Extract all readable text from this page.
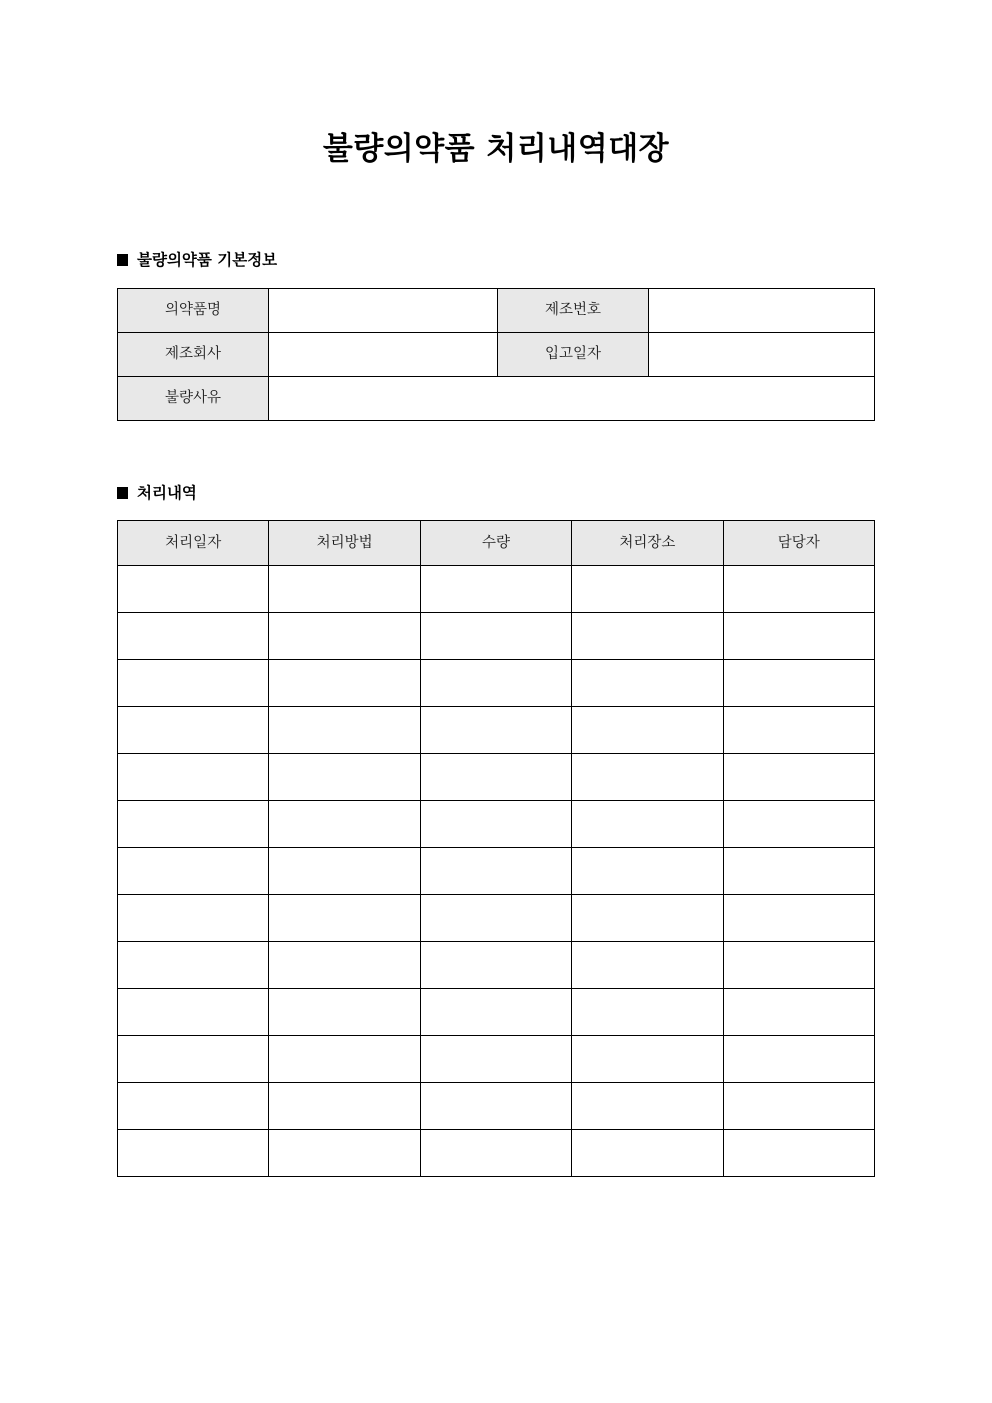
불량의약품 처리내역대장
불량의약품 기본정보
의약품명		제조번호	
제조회사		입고일자	
불량사유			
처리내역
처리일자	처리방법	수량	처리장소	담당자
